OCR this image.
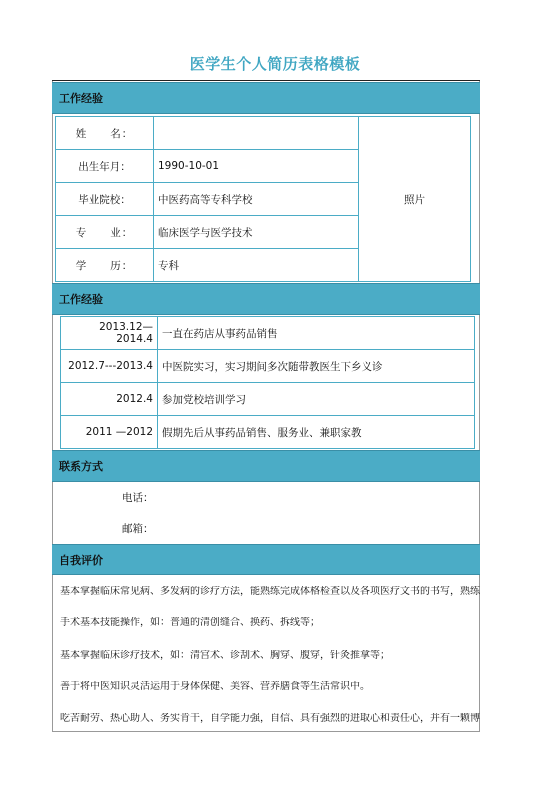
医学生个人简历表格模板
工作经验
姓　　名：		照片
出生年月：	1990-10-01	
毕业院校：	中医药高等专科学校	
专　　业：	临床医学与医学技术	
学　　历：	专科	
工作经验
2013.12—2014.4	一直在药店从事药品销售
2012.7---2013.4	中医院实习，实习期间多次随带教医生下乡义诊
2012.4	参加党校培训学习
2011 —2012	假期先后从事药品销售、服务业、兼职家教
联系方式
电话：
邮箱：
自我评价
基本掌握临床常见病、多发病的诊疗方法，能熟练完成体格检查以及各项医疗文书的书写，熟练
手术基本技能操作，如：普通的清创缝合、换药、拆线等；
基本掌握临床诊疗技术，如：清宫术、诊刮术、胸穿、腹穿，针灸推拿等；
善于将中医知识灵活运用于身体保健、美容、营养膳食等生活常识中。
吃苦耐劳、热心助人、务实肯干，自学能力强，自信、具有强烈的进取心和责任心，并有一颗博
